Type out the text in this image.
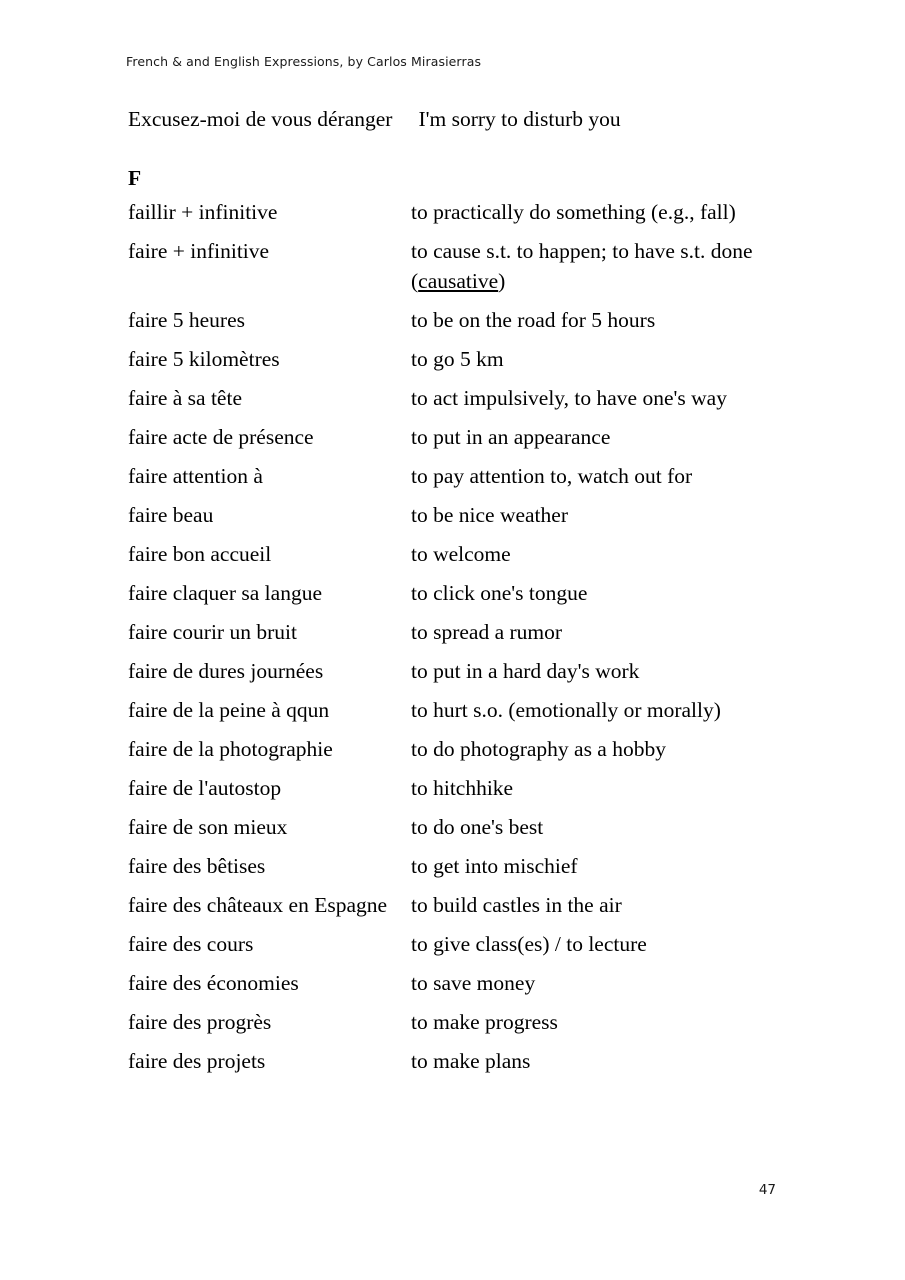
French & and English Expressions, by Carlos Mirasierras
Excusez-moi de vous déranger I'm sorry to disturb you
F
faillir + infinitive	to practically do something (e.g., fall)
faire + infinitive	to cause s.t. to happen; to have s.t. done (causative)
faire 5 heures	to be on the road for 5 hours
faire 5 kilomètres	to go 5 km
faire à sa tête	to act impulsively, to have one's way
faire acte de présence	to put in an appearance
faire attention à	to pay attention to, watch out for
faire beau	to be nice weather
faire bon accueil	to welcome
faire claquer sa langue	to click one's tongue
faire courir un bruit	to spread a rumor
faire de dures journées	to put in a hard day's work
faire de la peine à qqun	to hurt s.o. (emotionally or morally)
faire de la photographie	to do photography as a hobby
faire de l'autostop	to hitchhike
faire de son mieux	to do one's best
faire des bêtises	to get into mischief
faire des châteaux en Espagne	to build castles in the air
faire des cours	to give class(es) / to lecture
faire des économies	to save money
faire des progrès	to make progress
faire des projets	to make plans
47
